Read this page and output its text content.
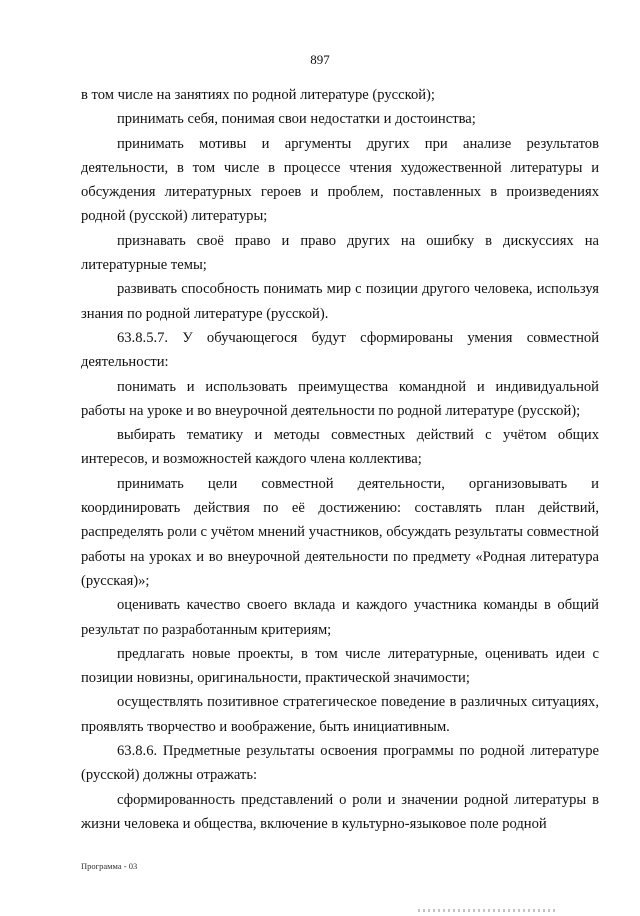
897

в том числе на занятиях по родной литературе (русской);

принимать себя, понимая свои недостатки и достоинства;

принимать мотивы и аргументы других при анализе результатов деятельности, в том числе в процессе чтения художественной литературы и обсуждения литературных героев и проблем, поставленных в произведениях родной (русской) литературы;

признавать своё право и право других на ошибку в дискуссиях на литературные темы;

развивать способность понимать мир с позиции другого человека, используя знания по родной литературе (русской).

63.8.5.7. У обучающегося будут сформированы умения совместной деятельности:

понимать и использовать преимущества командной и индивидуальной работы на уроке и во внеурочной деятельности по родной литературе (русской);

выбирать тематику и методы совместных действий с учётом общих интересов, и возможностей каждого члена коллектива;

принимать цели совместной деятельности, организовывать и координировать действия по её достижению: составлять план действий, распределять роли с учётом мнений участников, обсуждать результаты совместной работы на уроках и во внеурочной деятельности по предмету «Родная литература (русская)»;

оценивать качество своего вклада и каждого участника команды в общий результат по разработанным критериям;

предлагать новые проекты, в том числе литературные, оценивать идеи с позиции новизны, оригинальности, практической значимости;

осуществлять позитивное стратегическое поведение в различных ситуациях, проявлять творчество и воображение, быть инициативным.

63.8.6. Предметные результаты освоения программы по родной литературе (русской) должны отражать:

сформированность представлений о роли и значении родной литературы в жизни человека и общества, включение в культурно-языковое поле родной

Программа - 03
